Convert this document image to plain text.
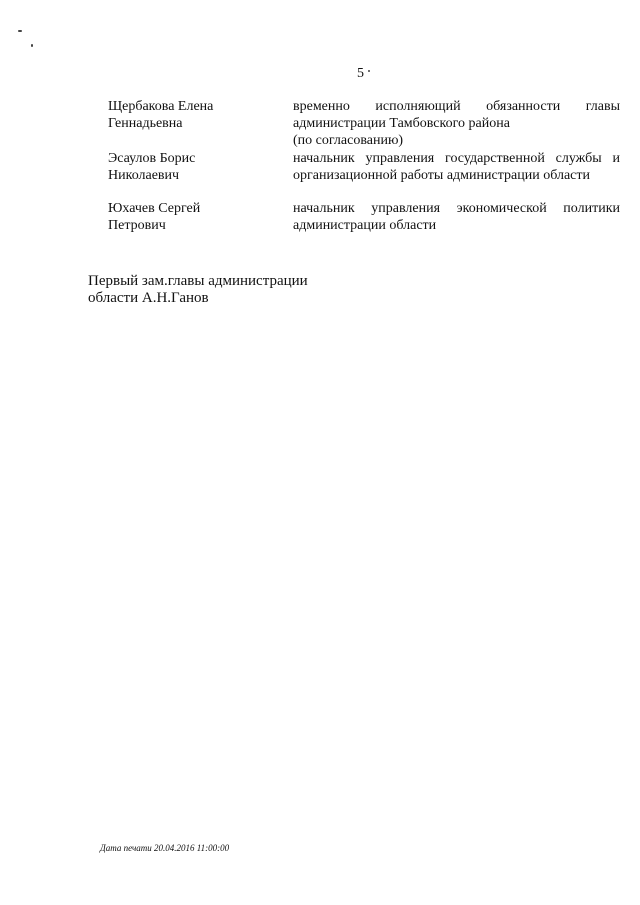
5
Щербакова Елена
Геннадьевна
временно исполняющий обязанности главы
администрации Тамбовского района
(по согласованию)
Эсаулов Борис
Николаевич
начальник управления государственной службы и
организационной работы администрации области
Юхачев Сергей
Петрович
начальник управления экономической политики
администрации области
Первый зам.главы администрации
области А.Н.Ганов
Дата печати 20.04.2016 11:00:00
